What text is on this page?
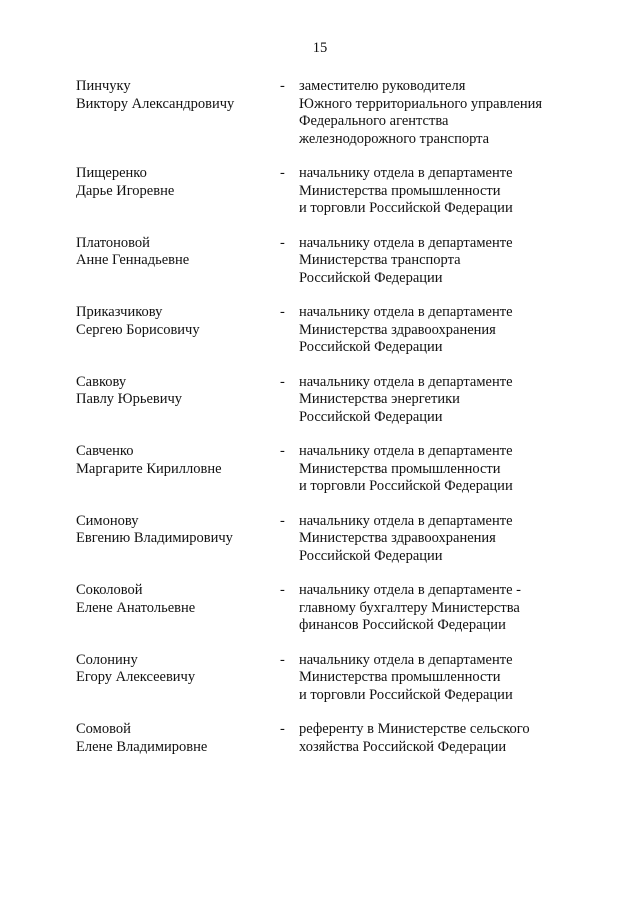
15
Пинчуку
Виктору Александровичу
- заместителю руководителя
Южного территориального управления
Федерального агентства
железнодорожного транспорта
Пищеренко
Дарье Игоревне
- начальнику отдела в департаменте
Министерства промышленности
и торговли Российской Федерации
Платоновой
Анне Геннадьевне
- начальнику отдела в департаменте
Министерства транспорта
Российской Федерации
Приказчикову
Сергею Борисовичу
- начальнику отдела в департаменте
Министерства здравоохранения
Российской Федерации
Савкову
Павлу Юрьевичу
- начальнику отдела в департаменте
Министерства энергетики
Российской Федерации
Савченко
Маргарите Кирилловне
- начальнику отдела в департаменте
Министерства промышленности
и торговли Российской Федерации
Симонову
Евгению Владимировичу
- начальнику отдела в департаменте
Министерства здравоохранения
Российской Федерации
Соколовой
Елене Анатольевне
- начальнику отдела в департаменте -
главному бухгалтеру Министерства
финансов Российской Федерации
Солонину
Егору Алексеевичу
- начальнику отдела в департаменте
Министерства промышленности
и торговли Российской Федерации
Сомовой
Елене Владимировне
- референту в Министерстве сельского
хозяйства Российской Федерации
